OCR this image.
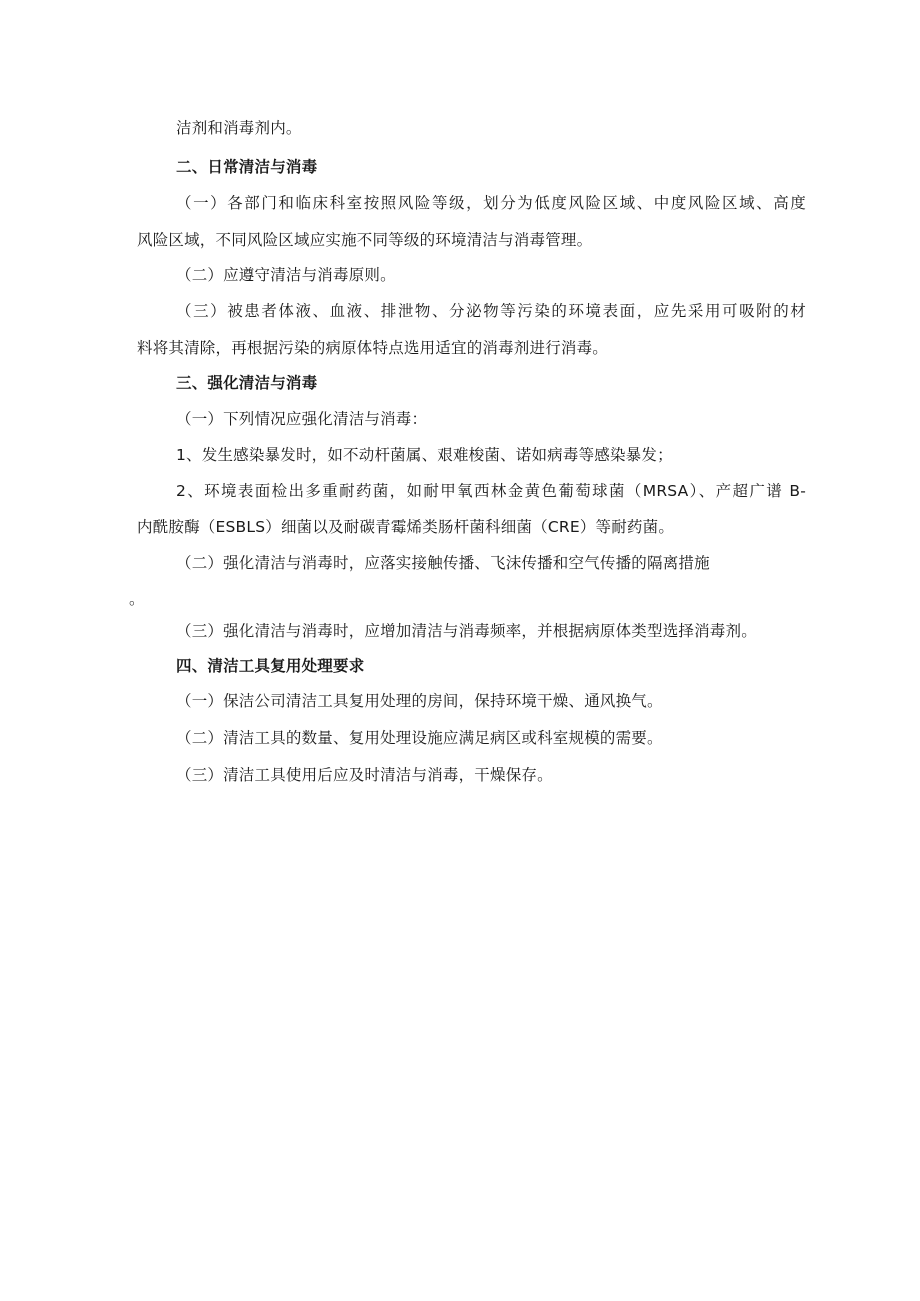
洁剂和消毒剂内。
二、日常清洁与消毒
（一）各部门和临床科室按照风险等级，划分为低度风险区域、中度风险区域、高度
风险区域，不同风险区域应实施不同等级的环境清洁与消毒管理。
（二）应遵守清洁与消毒原则。
（三）被患者体液、血液、排泄物、分泌物等污染的环境表面，应先采用可吸附的材
料将其清除，再根据污染的病原体特点选用适宜的消毒剂进行消毒。
三、强化清洁与消毒
（一）下列情况应强化清洁与消毒：
1、发生感染暴发时，如不动杆菌属、艰难梭菌、诺如病毒等感染暴发；
2、环境表面检出多重耐药菌，如耐甲氧西林金黄色葡萄球菌（MRSA）、产超广谱 B-
内酰胺酶（ESBLS）细菌以及耐碳青霉烯类肠杆菌科细菌（CRE）等耐药菌。
（二）强化清洁与消毒时，应落实接触传播、飞沫传播和空气传播的隔离措施
。
（三）强化清洁与消毒时，应增加清洁与消毒频率，并根据病原体类型选择消毒剂。
四、清洁工具复用处理要求
（一）保洁公司清洁工具复用处理的房间，保持环境干燥、通风换气。
（二）清洁工具的数量、复用处理设施应满足病区或科室规模的需要。
（三）清洁工具使用后应及时清洁与消毒，干燥保存。
